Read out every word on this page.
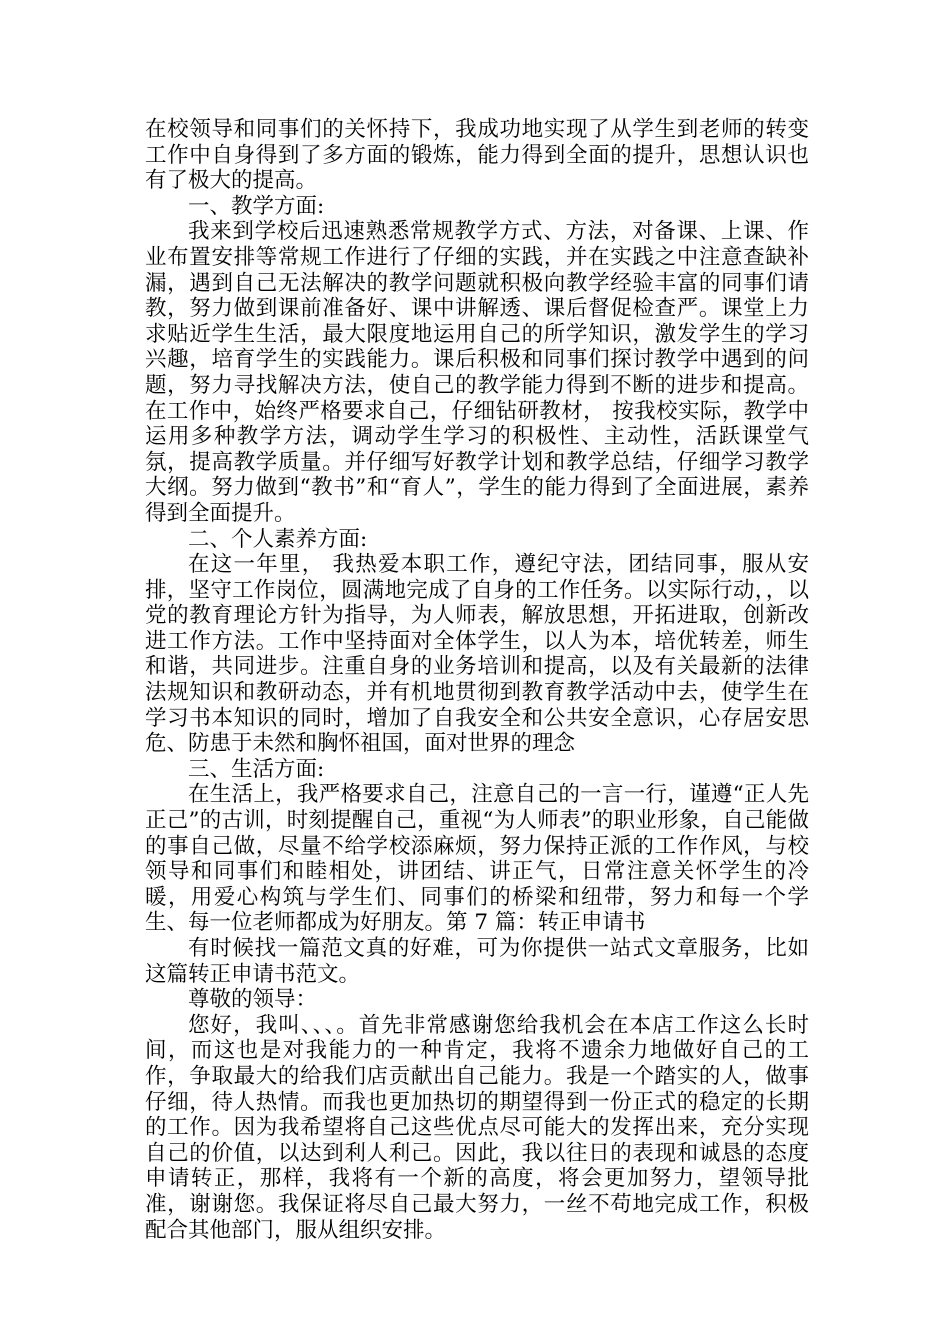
在校领导和同事们的关怀持下，我成功地实现了从学生到老师的转变工作中自身得到了多方面的锻炼，能力得到全面的提升，思想认识也有了极大的提高。

一、教学方面:

我来到学校后迅速熟悉常规教学方式、方法，对备课、上课、作业布置安排等常规工作进行了仔细的实践，并在实践之中注意查缺补漏，遇到自己无法解决的教学问题就积极向教学经验丰富的同事们请教，努力做到课前准备好、课中讲解透、课后督促检查严。课堂上力求贴近学生生活，最大限度地运用自己的所学知识，激发学生的学习兴趣，培育学生的实践能力。课后积极和同事们探讨教学中遇到的问题，努力寻找解决方法，使自己的教学能力得到不断的进步和提高。在工作中，始终严格要求自己，仔细钻研教材， 按我校实际，教学中运用多种教学方法，调动学生学习的积极性、主动性，活跃课堂气氛，提高教学质量。并仔细写好教学计划和教学总结，仔细学习教学大纲。努力做到“教书”和“育人”，学生的能力得到了全面进展，素养得到全面提升。

二、个人素养方面:

在这一年里， 我热爱本职工作，遵纪守法，团结同事，服从安排，坚守工作岗位，圆满地完成了自身的工作任务。以实际行动，，以党的教育理论方针为指导，为人师表，解放思想，开拓进取，创新改进工作方法。工作中坚持面对全体学生，以人为本，培优转差，师生和谐，共同进步。注重自身的业务培训和提高，以及有关最新的法律法规知识和教研动态，并有机地贯彻到教育教学活动中去，使学生在学习书本知识的同时，增加了自我安全和公共安全意识，心存居安思危、防患于未然和胸怀祖国，面对世界的理念

三、生活方面:

在生活上，我严格要求自己，注意自己的一言一行，谨遵“正人先正己”的古训，时刻提醒自己，重视“为人师表”的职业形象，自己能做的事自己做，尽量不给学校添麻烦，努力保持正派的工作作风，与校领导和同事们和睦相处，讲团结、讲正气，日常注意关怀学生的冷暖，用爱心构筑与学生们、同事们的桥梁和纽带，努力和每一个学生、每一位老师都成为好朋友。第 7 篇：转正申请书

有时候找一篇范文真的好难，可为你提供一站式文章服务，比如这篇转正申请书范文。

尊敬的领导：

您好，我叫、、、。首先非常感谢您给我机会在本店工作这么长时间，而这也是对我能力的一种肯定，我将不遗余力地做好自己的工作，争取最大的给我们店贡献出自己能力。我是一个踏实的人，做事仔细，待人热情。而我也更加热切的期望得到一份正式的稳定的长期的工作。因为我希望将自己这些优点尽可能大的发挥出来，充分实现自己的价值，以达到利人利己。因此，我以往日的表现和诚恳的态度申请转正，那样，我将有一个新的高度，将会更加努力，望领导批准，谢谢您。我保证将尽自己最大努力，一丝不苟地完成工作，积极配合其他部门，服从组织安排。
